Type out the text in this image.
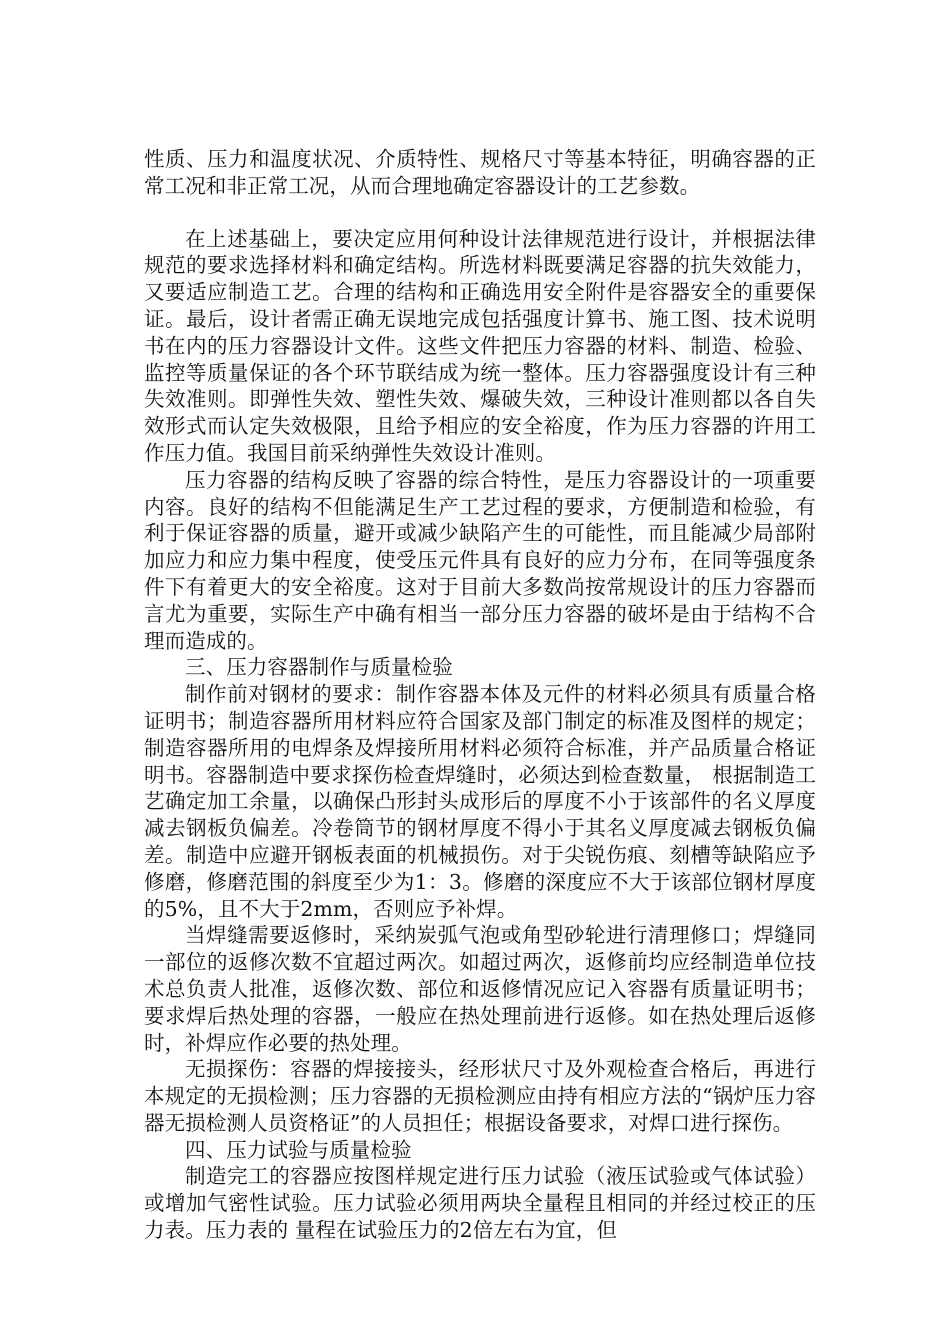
性质、压力和温度状况、介质特性、规格尺寸等基本特征，明确容器的正常工况和非正常工况，从而合理地确定容器设计的工艺参数。

在上述基础上，要决定应用何种设计法律规范进行设计，并根据法律规范的要求选择材料和确定结构。所选材料既要满足容器的抗失效能力，又要适应制造工艺。合理的结构和正确选用安全附件是容器安全的重要保证。最后，设计者需正确无误地完成包括强度计算书、施工图、技术说明书在内的压力容器设计文件。这些文件把压力容器的材料、制造、检验、监控等质量保证的各个环节联结成为统一整体。压力容器强度设计有三种失效准则。即弹性失效、塑性失效、爆破失效，三种设计准则都以各自失效形式而认定失效极限，且给予相应的安全裕度，作为压力容器的许用工作压力值。我国目前采纳弹性失效设计准则。

压力容器的结构反映了容器的综合特性，是压力容器设计的一项重要内容。良好的结构不但能满足生产工艺过程的要求，方便制造和检验，有利于保证容器的质量，避开或减少缺陷产生的可能性，而且能减少局部附加应力和应力集中程度，使受压元件具有良好的应力分布，在同等强度条件下有着更大的安全裕度。这对于目前大多数尚按常规设计的压力容器而言尤为重要，实际生产中确有相当一部分压力容器的破坏是由于结构不合理而造成的。

三、压力容器制作与质量检验

制作前对钢材的要求：制作容器本体及元件的材料必须具有质量合格证明书；制造容器所用材料应符合国家及部门制定的标准及图样的规定；制造容器所用的电焊条及焊接所用材料必须符合标准，并产品质量合格证明书。容器制造中要求探伤检查焊缝时，必须达到检查数量， 根据制造工艺确定加工余量，以确保凸形封头成形后的厚度不小于该部件的名义厚度减去钢板负偏差。冷卷筒节的钢材厚度不得小于其名义厚度减去钢板负偏差。制造中应避开钢板表面的机械损伤。对于尖锐伤痕、刻槽等缺陷应予修磨，修磨范围的斜度至少为1：3。修磨的深度应不大于该部位钢材厚度的5%，且不大于2mm，否则应予补焊。

当焊缝需要返修时，采纳炭弧气泡或角型砂轮进行清理修口；焊缝同一部位的返修次数不宜超过两次。如超过两次，返修前均应经制造单位技术总负责人批准，返修次数、部位和返修情况应记入容器有质量证明书；要求焊后热处理的容器，一般应在热处理前进行返修。如在热处理后返修时，补焊应作必要的热处理。

无损探伤：容器的焊接接头，经形状尺寸及外观检查合格后，再进行本规定的无损检测；压力容器的无损检测应由持有相应方法的“锅炉压力容器无损检测人员资格证”的人员担任；根据设备要求，对焊口进行探伤。

四、压力试验与质量检验

制造完工的容器应按图样规定进行压力试验（液压试验或气体试验）或增加气密性试验。压力试验必须用两块全量程且相同的并经过校正的压力表。压力表的 量程在试验压力的2倍左右为宜，但
